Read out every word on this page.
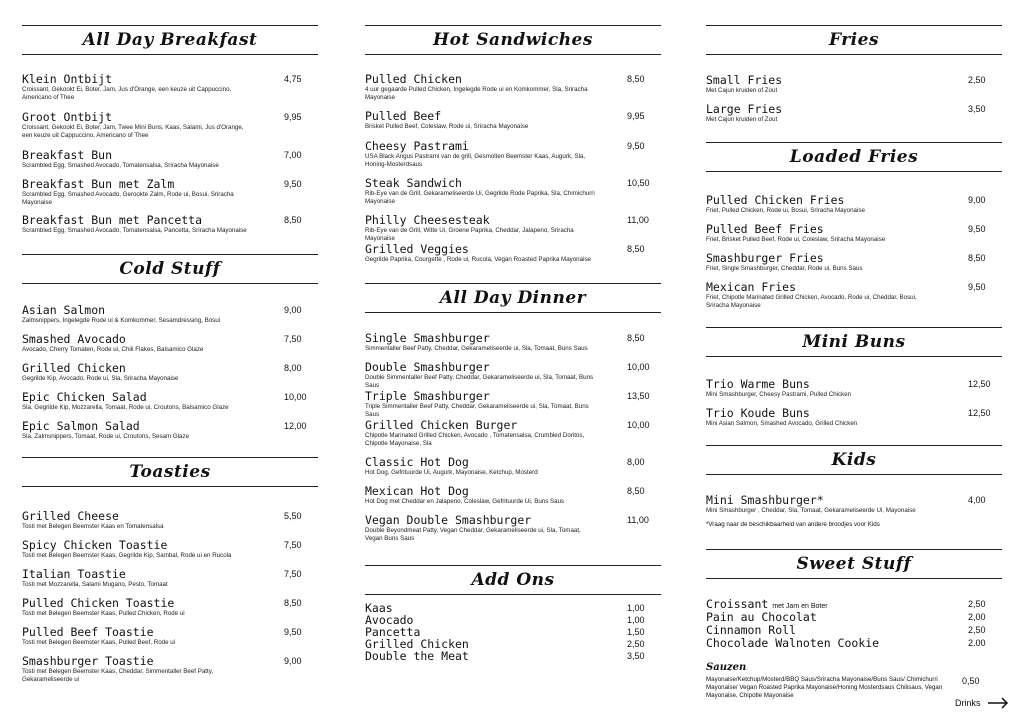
All Day Breakfast
Klein Ontbijt
Croissant, Gekookt Ei, Boter, Jam, Jus d'Orange, een keuze uit Cappuccino, Americano of Thee
4,75
Groot Ontbijt
Croissant, Gekookt Ei, Boter, Jam, Twee Mini Buns, Kaas, Salami, Jus d'Orange, een keuze uit Cappuccino, Americano of Thee
9,95
Breakfast Bun
Scrambled Egg, Smashed Avocado, Tomatensalsa, Sriracha Mayonaise
7,00
Breakfast Bun met Zalm
Scrambled Egg, Smashed Avocado, Gerookte Zalm, Rode ui, Bosui, Sriracha Mayonaise
9,50
Breakfast Bun met Pancetta
Scrambled Egg, Smashed Avocado, Tomatensalsa, Pancetta, Sriracha Mayonaise
8,50
Cold Stuff
Asian Salmon
Zalmsnippers, Ingelegde Rode ui & Komkommer, Sesamdressing, Bosui
9,00
Smashed Avocado
Avocado, Cherry Tomaten, Rode ui, Chili Flakes, Balsamico Glaze
7,50
Grilled Chicken
Gegrilde Kip, Avocado, Rode ui, Sla, Sriracha Mayonaise
8,00
Epic Chicken Salad
Sla, Gegrilde Kip, Mozzarella, Tomaat, Rode ui, Croutons, Balsamico Glaze
10,00
Epic Salmon Salad
Sla, Zalmsnippers, Tomaat, Rode ui, Croutons, Sesam Glaze
12,00
Toasties
Grilled Cheese
Tosti met Belegen Beemster Kaas en Tomatensalsa
5,50
Spicy Chicken Toastie
Tosti met Belegen Beemster Kaas, Gegrilde Kip, Sambal, Rode ui en Rucola
7,50
Italian Toastie
Tosti met Mozzarella, Salami Mugano, Pesto, Tomaat
7,50
Pulled Chicken Toastie
Tosti met Belegen Beemster Kaas, Pulled Chicken, Rode ui
8,50
Pulled Beef Toastie
Tosti met Belegen Beemster Kaas, Pulled Beef, Rode ui
9,50
Smashburger Toastie
Tosti met Belegen Beemster Kaas, Cheddar, Simmentaller Beef Patty, Gekarameliseerde ui
9,00
Hot Sandwiches
Pulled Chicken
4 uur gegaarde Pulled Chicken, Ingelegde Rode ui en Komkommer, Sla, Sriracha Mayonaise
8,50
Pulled Beef
Brisket Pulled Beef, Coleslaw, Rode ui, Sriracha Mayonaise
9,95
Cheesy Pastrami
USA Black Angus Pastrami van de grill, Gesmolten Beemster Kaas, Augurk, Sla, Honing-Mosterdsaus
9,50
Steak Sandwich
Rib-Eye van de Grill, Gekarameliseerde Ui, Gegrilde Rode Paprika, Sla, Chimichurri Mayonaise
10,50
Philly Cheesesteak
Rib-Eye van de Grill, Witte Ui, Groene Paprika, Cheddar, Jalapeno, Sriracha Mayonaise
11,00
Grilled Veggies
Gegrilde Paprika, Courgette , Rode ui, Rucola, Vegan Roasted Paprika Mayonaise
8,50
All Day Dinner
Single Smashburger
Simmentaller Beef Patty, Cheddar, Gekarameliseerde ui, Sla, Tomaat, Buns Saus
8,50
Double Smashburger
Double Simmentaller Beef Patty, Cheddar, Gekarameliseerde ui, Sla, Tomaat, Buns Saus
10,00
Triple Smashburger
Triple Simmentaller Beef Patty, Cheddar, Gekarameliseerde ui, Sla, Tomaat, Buns Saus
13,50
Grilled Chicken Burger
Chipotle Marinated Grilled Chicken, Avocado , Tomatensalsa, Crumbled Doritos, Chipotle Mayonaise, Sla
10,00
Classic Hot Dog
Hot Dog, Gefrituurde Ui, Augurk, Mayonaise, Ketchup, Mosterd
8,00
Mexican Hot Dog
Hot Dog met Cheddar en Jalapeno, Coleslaw, Gefrituurde Ui, Buns Saus
8,50
Vegan Double Smashburger
Double Beyondmeat Patty, Vegan Cheddar, Gekarameliseerde ui, Sla, Tomaat, Vegan Buns Saus
11,00
Add Ons
Kaas	1,00
Avocado	1,00
Pancetta	1,50
Grilled Chicken	2,50
Double the Meat	3,50
Fries
Small Fries
Met Cajun kruiden of Zout
2,50
Large Fries
Met Cajun kruiden of Zout
3,50
Loaded Fries
Pulled Chicken Fries
Friet, Pulled Chicken, Rode ui, Bosui, Sriracha Mayonaise
9,00
Pulled Beef Fries
Friet, Brisket Pulled Beef, Rode ui, Coleslaw, Sriracha Mayonaise
9,50
Smashburger Fries
Friet, Single Smashburger, Cheddar, Rode ui, Buns Saus
8,50
Mexican Fries
Friet, Chipotle Marinated Grilled Chicken, Avocado, Rode ui, Cheddar, Bosui, Sriracha Mayonaise
9,50
Mini Buns
Trio Warme Buns
Mini Smashburger, Cheesy Pastrami, Pulled Chicken
12,50
Trio Koude Buns
Mini Asian Salmon, Smashed Avocado, Grilled Chicken
12,50
Kids
Mini Smashburger*
Mini Smashburger , Cheddar, Sla, Tomaat, Gekarameliseerde Ui, Mayonaise
4,00
*Vraag naar de beschikbaarheid van andere broodjes voor Kids
Sweet Stuff
Croissant met Jam en Boter	2,50
Pain au Chocolat	2,00
Cinnamon Roll	2,50
Chocolade Walnoten Cookie	2.00
Sauzen
Mayonaise/Ketchup/Mosterd/BBQ Saus/Sriracha Mayonaise/Buns Saus/ Chimichurri Mayonaise/ Vegan Roasted Paprika Mayonaise/Honing Mosterdsaus Chilisaus, Vegan Mayonaise, Chipotle Mayonaise
0,50
Drinks
